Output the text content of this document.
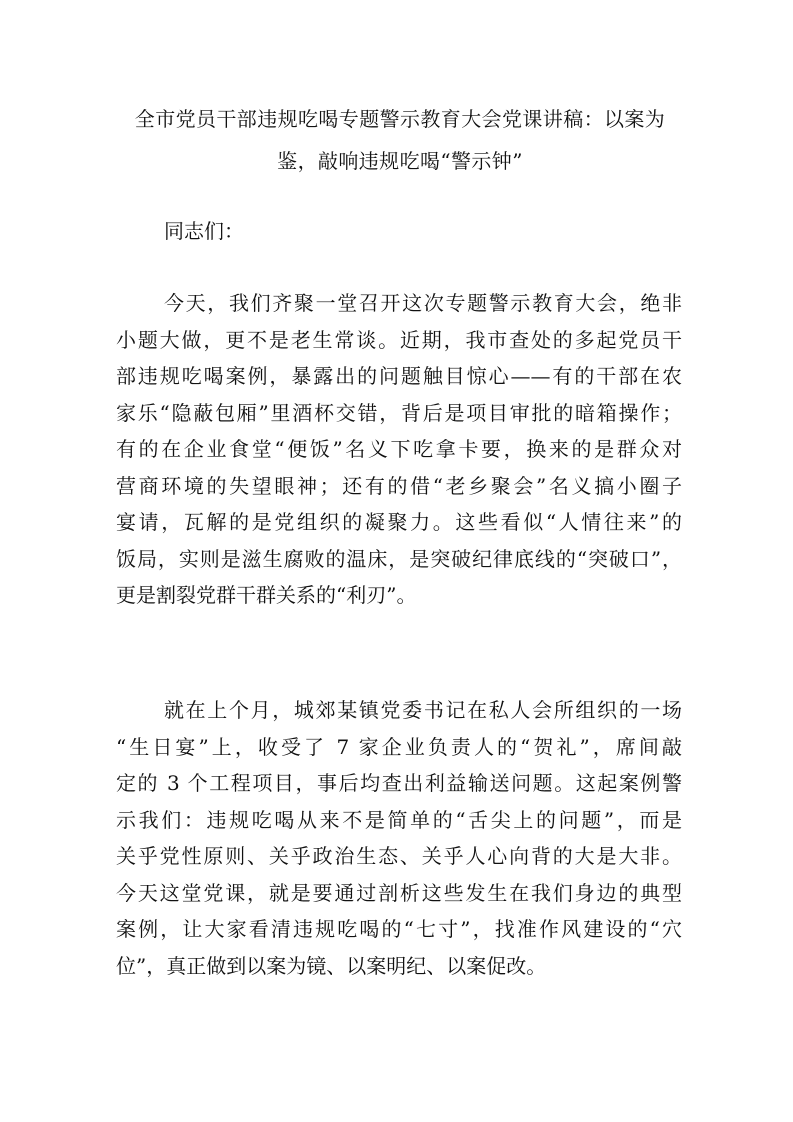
全市党员干部违规吃喝专题警示教育大会党课讲稿：以案为
鉴，敲响违规吃喝“警示钟”

同志们：

今天，我们齐聚一堂召开这次专题警示教育大会，绝非
小题大做，更不是老生常谈。近期，我市查处的多起党员干
部违规吃喝案例，暴露出的问题触目惊心——有的干部在农
家乐“隐蔽包厢”里酒杯交错，背后是项目审批的暗箱操作；
有的在企业食堂“便饭”名义下吃拿卡要，换来的是群众对
营商环境的失望眼神；还有的借“老乡聚会”名义搞小圈子
宴请，瓦解的是党组织的凝聚力。这些看似“人情往来”的
饭局，实则是滋生腐败的温床，是突破纪律底线的“突破口”，
更是割裂党群干群关系的“利刃”。
就在上个月，城郊某镇党委书记在私人会所组织的一场
“生日宴”上，收受了 7 家企业负责人的“贺礼”，席间敲
定的 3 个工程项目，事后均查出利益输送问题。这起案例警
示我们：违规吃喝从来不是简单的“舌尖上的问题”，而是
关乎党性原则、关乎政治生态、关乎人心向背的大是大非。
今天这堂党课，就是要通过剖析这些发生在我们身边的典型
案例，让大家看清违规吃喝的“七寸”，找准作风建设的“穴
位”，真正做到以案为镜、以案明纪、以案促改。
